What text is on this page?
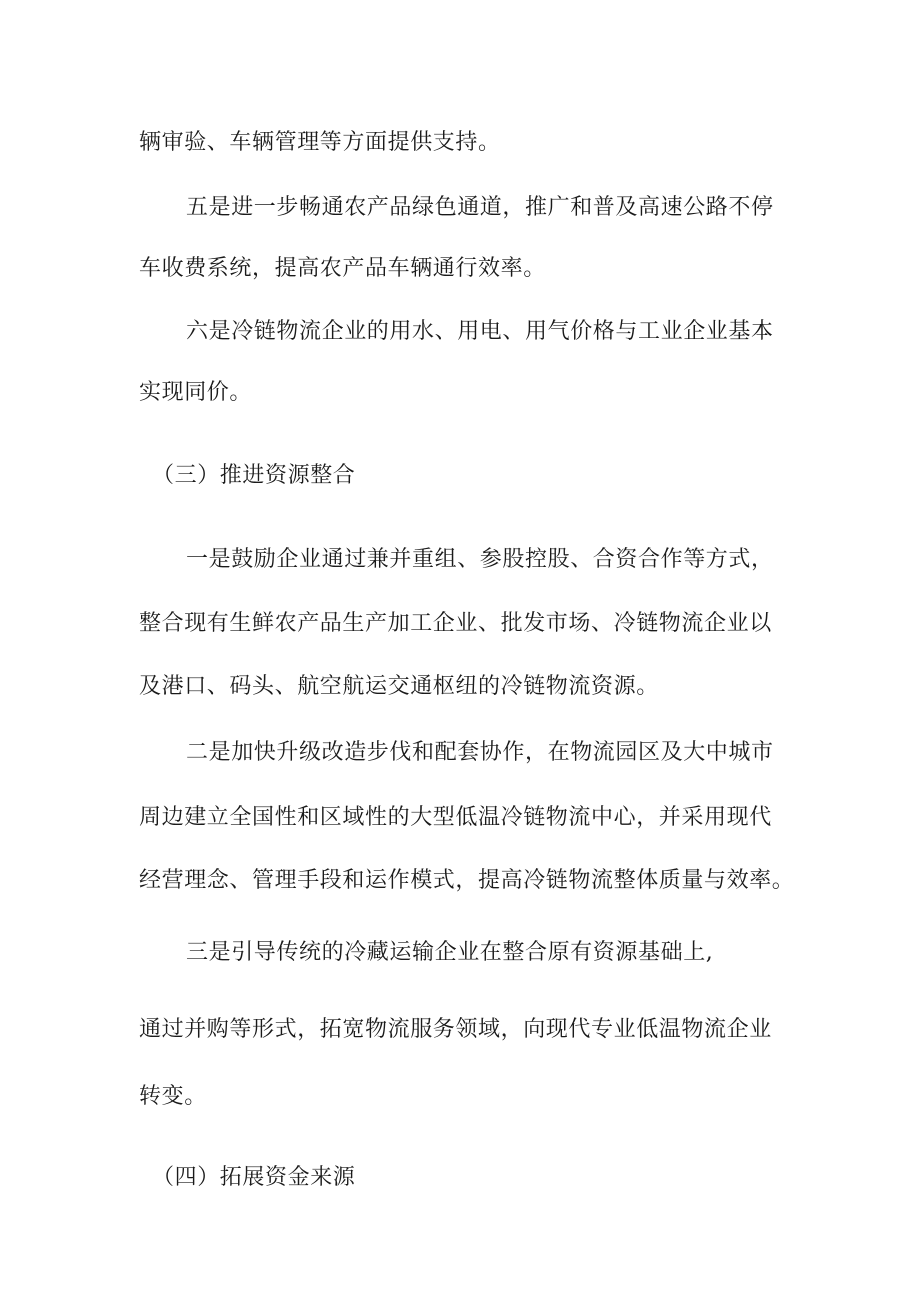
辆审验、车辆管理等方面提供支持。
五是进一步畅通农产品绿色通道，推广和普及高速公路不停
车收费系统，提高农产品车辆通行效率。
六是冷链物流企业的用水、用电、用气价格与工业企业基本
实现同价。
（三）推进资源整合
一是鼓励企业通过兼并重组、参股控股、合资合作等方式，
整合现有生鲜农产品生产加工企业、批发市场、冷链物流企业以
及港口、码头、航空航运交通枢纽的冷链物流资源。
二是加快升级改造步伐和配套协作，在物流园区及大中城市
周边建立全国性和区域性的大型低温冷链物流中心，并采用现代
经营理念、管理手段和运作模式，提高冷链物流整体质量与效率。
三是引导传统的冷藏运输企业在整合原有资源基础上,
通过并购等形式，拓宽物流服务领域，向现代专业低温物流企业
转变。
（四）拓展资金来源
